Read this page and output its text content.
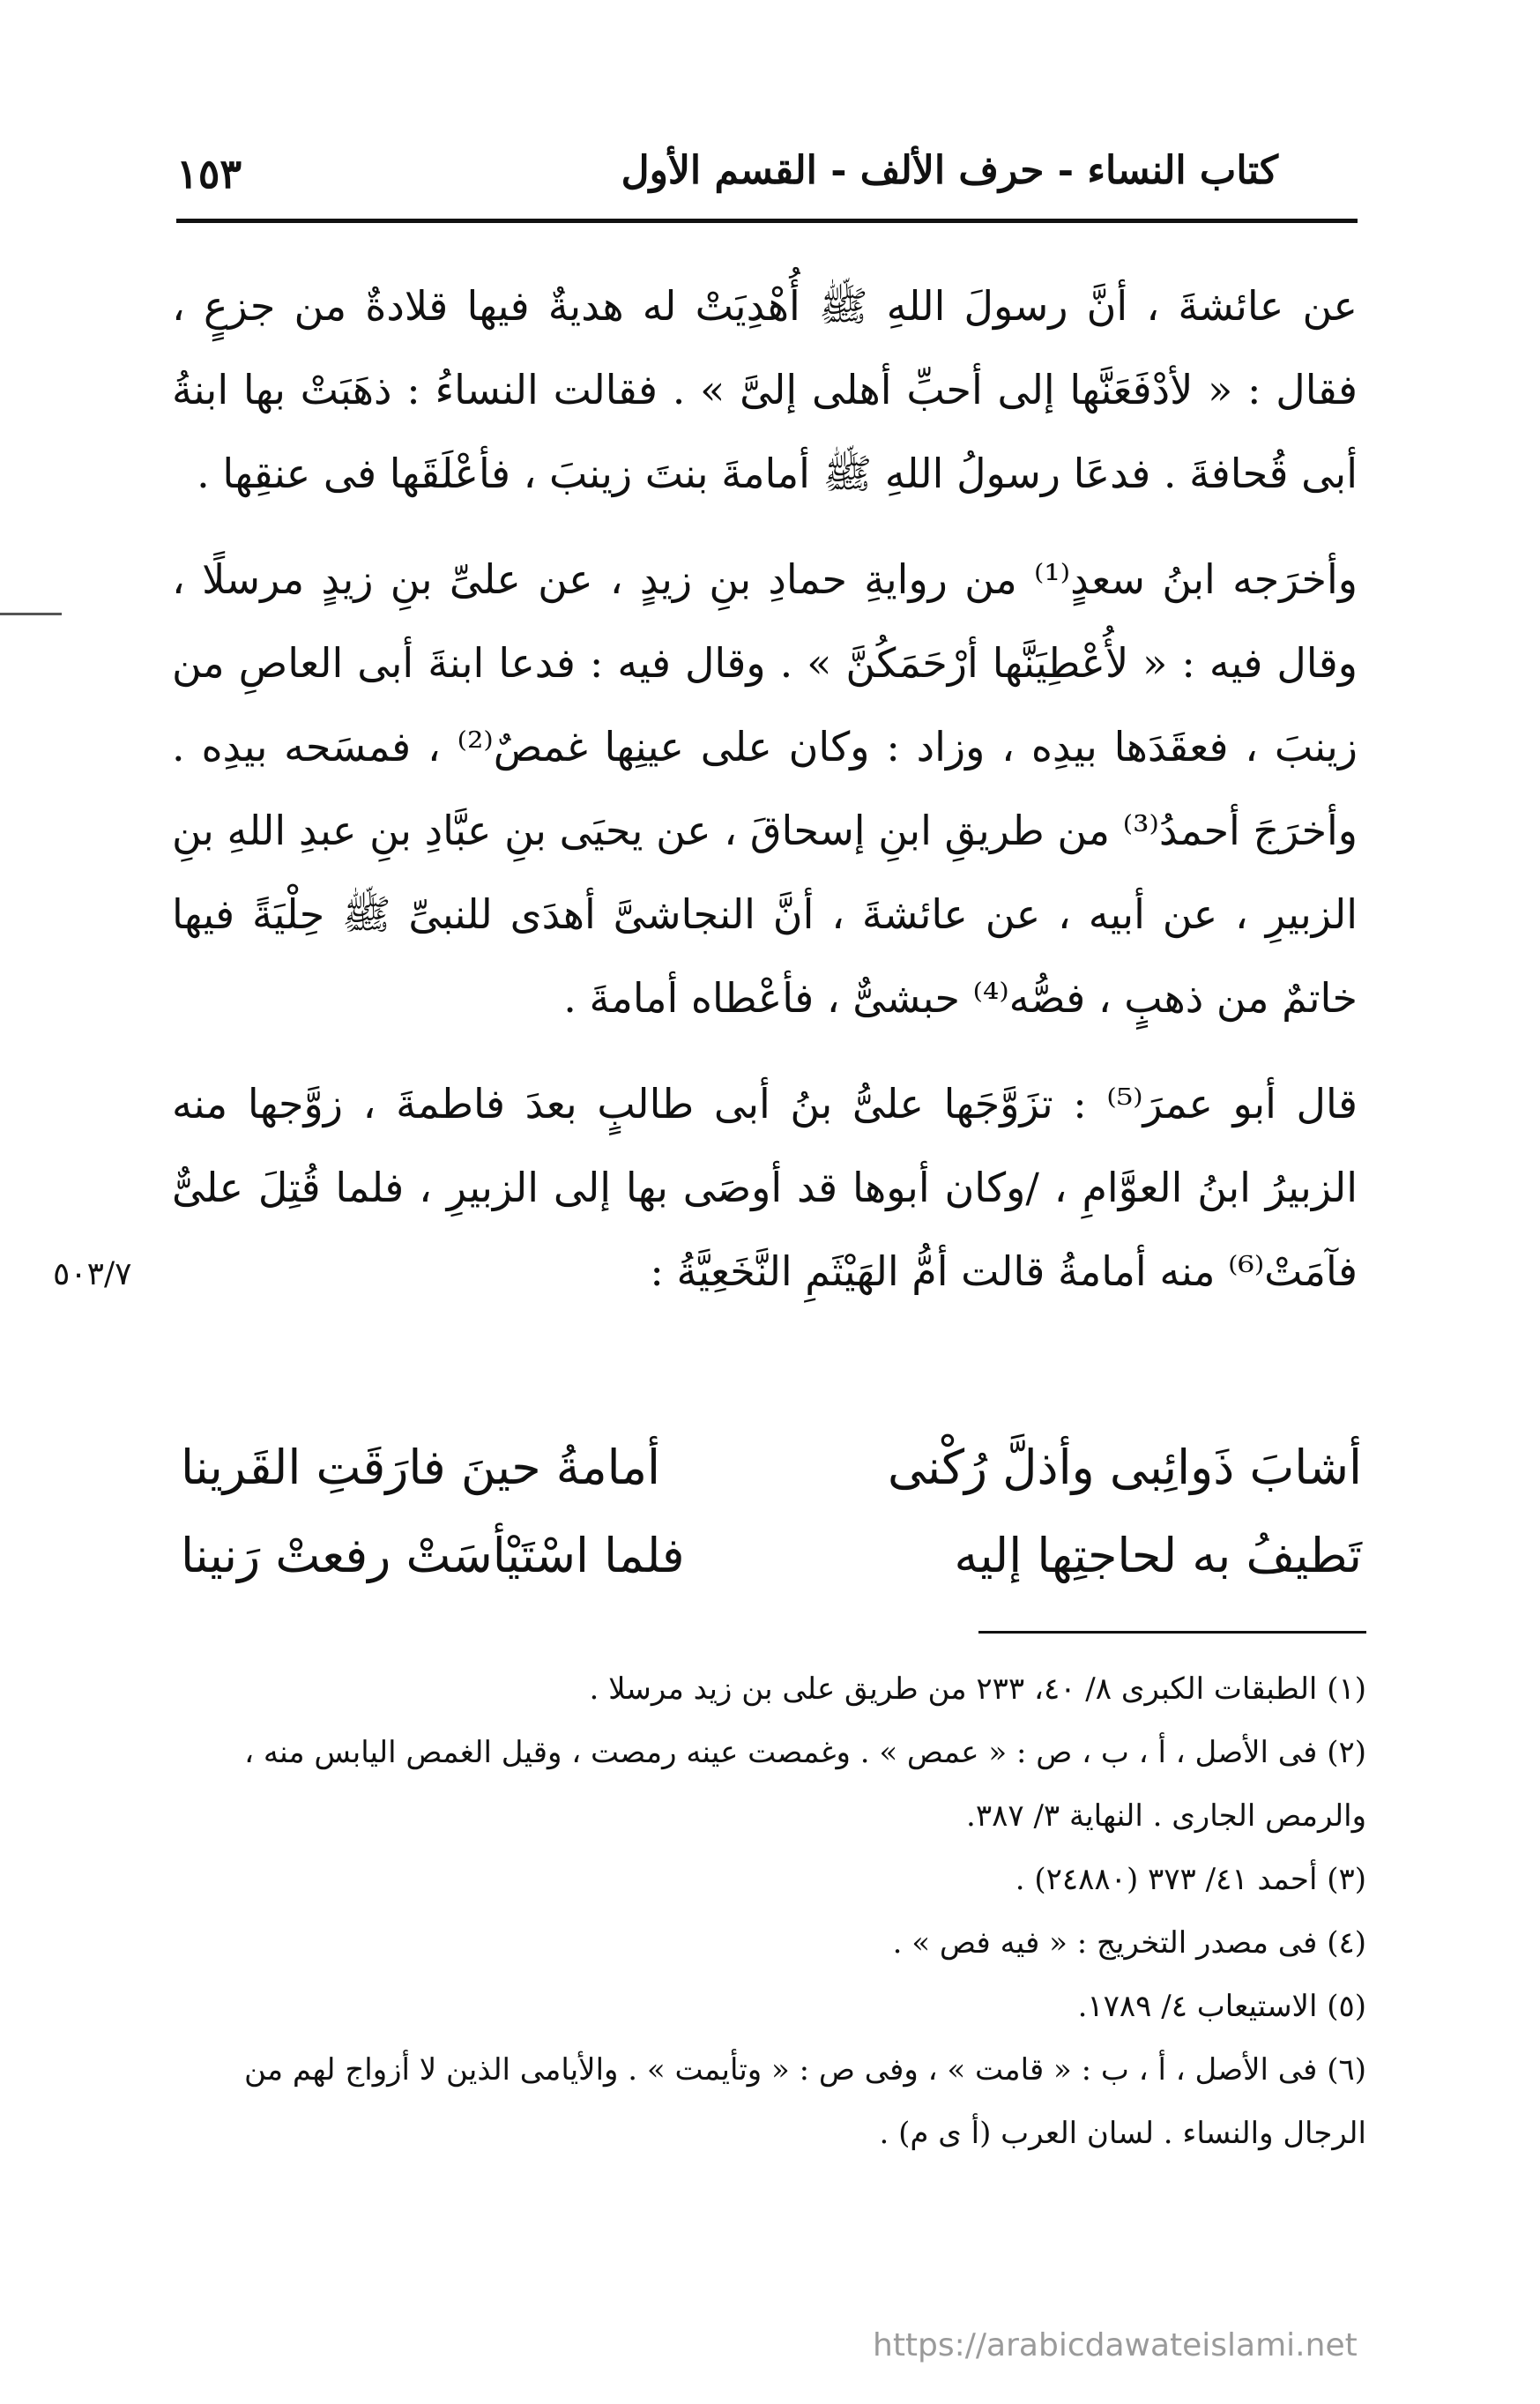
١٥٣	كتاب النساء - حرف الألف - القسم الأول

عن عائشةَ ، أنَّ رسولَ اللهِ ﷺ أُهْدِيَتْ له هديةٌ فيها قلادةٌ من جزعٍ ، فقال : « لأدْفَعَنَّها إلى أحبِّ أهلى إلىَّ » . فقالت النساءُ : ذهَبَتْ بها ابنةُ أبى قُحافةَ . فدعَا رسولُ اللهِ ﷺ أمامةَ بنتَ زينبَ ، فأعْلَقَها فى عنقِها .

وأخرَجه ابنُ سعدٍ⁽¹⁾ من روايةِ حمادِ بنِ زيدٍ ، عن علىِّ بنِ زيدٍ مرسلًا ، وقال فيه : « لأُعْطِيَنَّها أرْحَمَكُنَّ » . وقال فيه : فدعا ابنةَ أبى العاصِ من زينبَ ، فعقَدَها بيدِه ، وزاد : وكان على عينِها غمصٌ⁽²⁾ ، فمسَحه بيدِه . وأخرَجَ أحمدُ⁽³⁾ من طريقِ ابنِ إسحاقَ ، عن يحيَى بنِ عبَّادِ بنِ عبدِ اللهِ بنِ الزبيرِ ، عن أبيه ، عن عائشةَ ، أنَّ النجاشىَّ أهدَى للنبىِّ ﷺ حِلْيَةً فيها خاتمٌ من ذهبٍ ، فصُّه⁽⁴⁾ حبشىٌّ ، فأعْطاه أمامةَ .

قال أبو عمرَ⁽⁵⁾ : تزَوَّجَها علىُّ بنُ أبى طالبٍ بعدَ فاطمةَ ، زوَّجها منه الزبيرُ ابنُ العوَّامِ ، /وكان أبوها قد أوصَى بها إلى الزبيرِ ، فلما قُتِلَ علىٌّ فآمَتْ⁽⁶⁾ منه أمامةُ قالت أمُّ الهَيْثَمِ النَّخَعِيَّةُ :

٥٠٣/٧
أشابَ ذَوائِبى وأذلَّ رُكْنى
أمامةُ حينَ فارَقَتِ القَرينا
تَطيفُ به لحاجتِها إليه
فلما اسْتَيْأسَتْ رفعتْ رَنينا
(١) الطبقات الكبرى ٨/ ٤٠، ٢٣٣ من طريق على بن زيد مرسلا .
(٢) فى الأصل ، أ ، ب ، ص : « عمص » . وغمصت عينه رمصت ، وقيل الغمص اليابس منه ، والرمص الجارى . النهاية ٣/ ٣٨٧.
(٣) أحمد ٤١/ ٣٧٣ (٢٤٨٨٠) .
(٤) فى مصدر التخريج : « فيه فص » .
(٥) الاستيعاب ٤/ ١٧٨٩.
(٦) فى الأصل ، أ ، ب : « قامت » ، وفى ص : « وتأيمت » . والأيامى الذين لا أزواج لهم من الرجال والنساء . لسان العرب (أ ى م) .
https://arabicdawateislami.net
